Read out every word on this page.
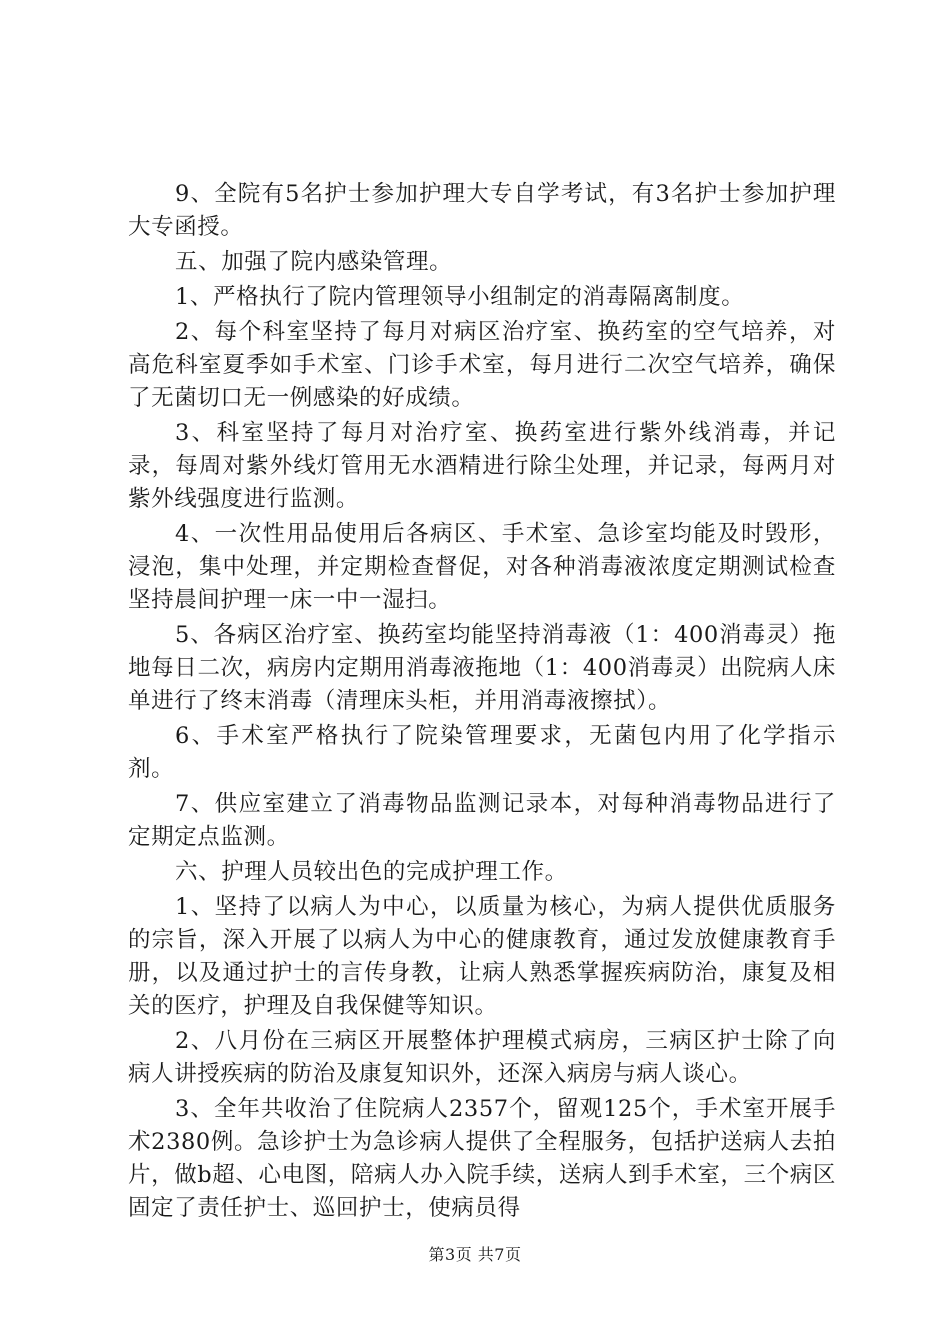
9、全院有5名护士参加护理大专自学考试，有3名护士参加护理大专函授。

五、加强了院内感染管理。

1、严格执行了院内管理领导小组制定的消毒隔离制度。

2、每个科室坚持了每月对病区治疗室、换药室的空气培养，对高危科室夏季如手术室、门诊手术室，每月进行二次空气培养，确保了无菌切口无一例感染的好成绩。

3、科室坚持了每月对治疗室、换药室进行紫外线消毒，并记录，每周对紫外线灯管用无水酒精进行除尘处理，并记录，每两月对紫外线强度进行监测。

4、一次性用品使用后各病区、手术室、急诊室均能及时毁形，浸泡，集中处理，并定期检查督促，对各种消毒液浓度定期测试检查坚持晨间护理一床一中一湿扫。

5、各病区治疗室、换药室均能坚持消毒液（1：400消毒灵）拖地每日二次，病房内定期用消毒液拖地（1：400消毒灵）出院病人床单进行了终末消毒（清理床头柜，并用消毒液擦拭）。

6、手术室严格执行了院染管理要求，无菌包内用了化学指示剂。

7、供应室建立了消毒物品监测记录本，对每种消毒物品进行了定期定点监测。

六、护理人员较出色的完成护理工作。

1、坚持了以病人为中心，以质量为核心，为病人提供优质服务的宗旨，深入开展了以病人为中心的健康教育，通过发放健康教育手册，以及通过护士的言传身教，让病人熟悉掌握疾病防治，康复及相关的医疗，护理及自我保健等知识。

2、八月份在三病区开展整体护理模式病房，三病区护士除了向病人讲授疾病的防治及康复知识外，还深入病房与病人谈心。

3、全年共收治了住院病人2357个，留观125个，手术室开展手术2380例。急诊护士为急诊病人提供了全程服务，包括护送病人去拍片，做b超、心电图，陪病人办入院手续，送病人到手术室，三个病区固定了责任护士、巡回护士，使病员得

第3页 共7页
